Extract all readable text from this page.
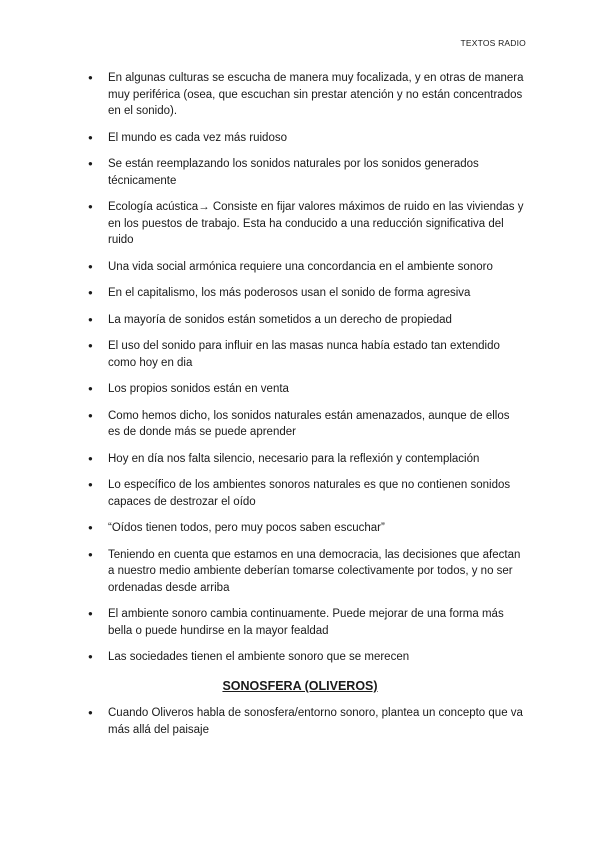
TEXTOS RADIO
● En algunas culturas se escucha de manera muy focalizada, y en otras de manera muy periférica (osea, que escuchan sin prestar atención y no están concentrados en el sonido).
● El mundo es cada vez más ruidoso
● Se están reemplazando los sonidos naturales por los sonidos generados técnicamente
● Ecología acústica→ Consiste en fijar valores máximos de ruido en las viviendas y en los puestos de trabajo. Esta ha conducido a una reducción significativa del ruido
● Una vida social armónica requiere una concordancia en el ambiente sonoro
● En el capitalismo, los más poderosos usan el sonido de forma agresiva
● La mayoría de sonidos están sometidos a un derecho de propiedad
● El uso del sonido para influir en las masas nunca había estado tan extendido como hoy en dia
● Los propios sonidos están en venta
● Como hemos dicho, los sonidos naturales están amenazados, aunque de ellos es de donde más se puede aprender
● Hoy en día nos falta silencio, necesario para la reflexión y contemplación
● Lo específico de los ambientes sonoros naturales es que no contienen sonidos capaces de destrozar el oído
● “Oídos tienen todos, pero muy pocos saben escuchar”
● Teniendo en cuenta que estamos en una democracia, las decisiones que afectan a nuestro medio ambiente deberían tomarse colectivamente por todos, y no ser ordenadas desde arriba
● El ambiente sonoro cambia continuamente. Puede mejorar de una forma más bella o puede hundirse en la mayor fealdad
● Las sociedades tienen el ambiente sonoro que se merecen
SONOSFERA (OLIVEROS)
● Cuando Oliveros habla de sonosfera/entorno sonoro, plantea un concepto que va más allá del paisaje
